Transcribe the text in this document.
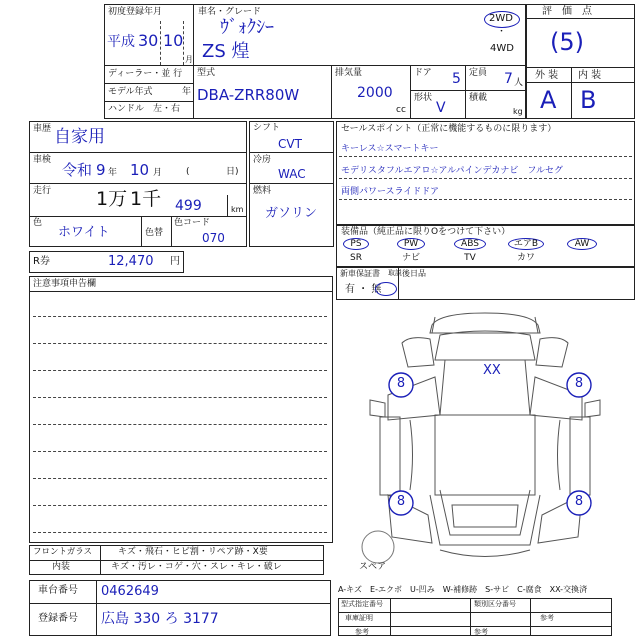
初度登録年月
平成 30 10
月
車名・グレード
ｳﾞｫｸｼｰ
ZS 煌
2WD
・
4WD
ディーラー・並 行
モデル年式	年
ハンドル　左・右
型式
DBA-ZRR80W
排気量
2000
cc
ドア 5 定員 7 人
形状
V
積載
kg
評　価　点
(5)
外 装 内 装
A B
車歴 自家用
車検
令和 9 年 10 月	(	日)
走行 1万 1千 499	km
色
ホワイト	色替
色コード
070
シフト
CVT
冷房
WAC
燃料
ガソリン
セールスポイント（正常に機能するものに限ります）
キーレス☆スマートキー
モデリスタフルエアロ☆アルパインデカナビ　フルセグ
両側パワースライドドア
装備品（純正品に限りOをつけて下さい）
PS	PW	ABS	エアB	AW
SR	ナビ	TV	カワ
新車保証書
有 ・ 無
取説 後日品
R券	12,470 円
注意事項申告欄
XX
8	8
8	8
スペア
フロントガラス	キズ・飛石・ヒビ割・リペア跡・X要
内装	キズ・汚レ・コゲ・穴・スレ・キレ・破レ
A-キズ　E-エクボ　U-凹み　W-補修跡　S-サビ　C-腐食　XX-交換済
車台番号 0462649
登録番号 広島 330 ろ 3177
型式指定番号	類別区分番号
車庫証明	参考
参考	参考
